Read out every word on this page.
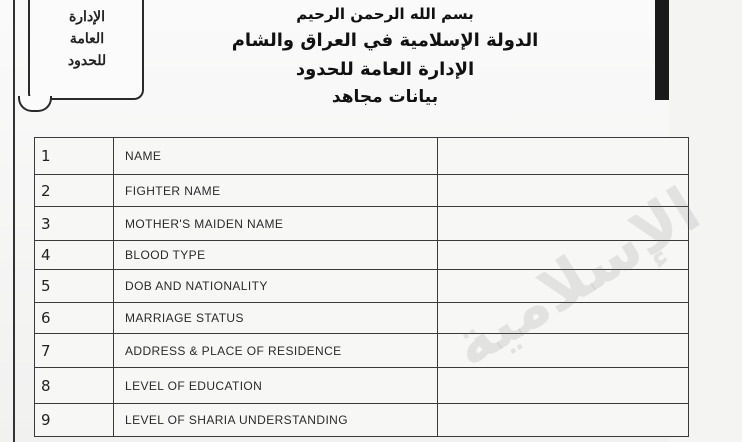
الإدارة
العامة
للحدود
بسم الله الرحمن الرحيم
الدولة الإسلامية في العراق والشام
الإدارة العامة للحدود
بيانات مجاهد
1	NAME	
2	FIGHTER NAME	
3	MOTHER'S MAIDEN NAME	
4	BLOOD TYPE	
5	DOB AND NATIONALITY	
6	MARRIAGE STATUS	
7	ADDRESS & PLACE OF RESIDENCE	
8	LEVEL OF EDUCATION	
9	LEVEL OF SHARIA UNDERSTANDING	
